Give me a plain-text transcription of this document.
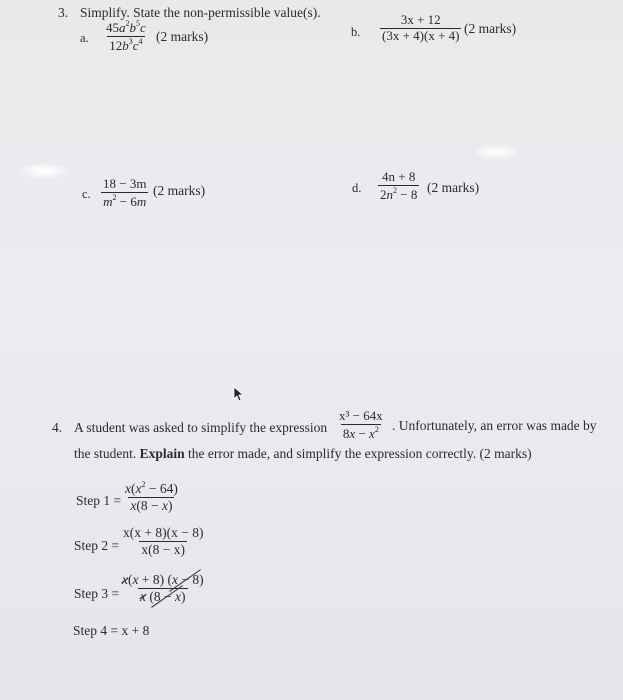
3. Simplify. State the non-permissible value(s).
a. $\frac{45a^2b^5c}{12b^3c^4} (2$ marks)	b. $\frac{3x + 12}{(3x + 4)(x + 4)} (2$ marks)
c. $\frac{18 - 3m}{m^2 - 6m} (2$ marks)	d. $\frac{4n + 8}{2n^2 - 8} (2$ marks)
4. A student was asked to simplify the expression $\frac{\text{x³ − 64x}}{8x - x^2}$ . Unfortunately, an error was made by
the student. Explain the error made, and simplify the expression correctly. (2 marks)
Step $1 = \frac{x(x^2 - 64)}{x(8 - x)}$
Step $2 = \frac{x(x + 8)(x - 8)}{x(8 - x)}$
Step $3 = \frac{x(x + 8) (x - 8)}{x (8 - x)}$
Step 4 = x + 8
